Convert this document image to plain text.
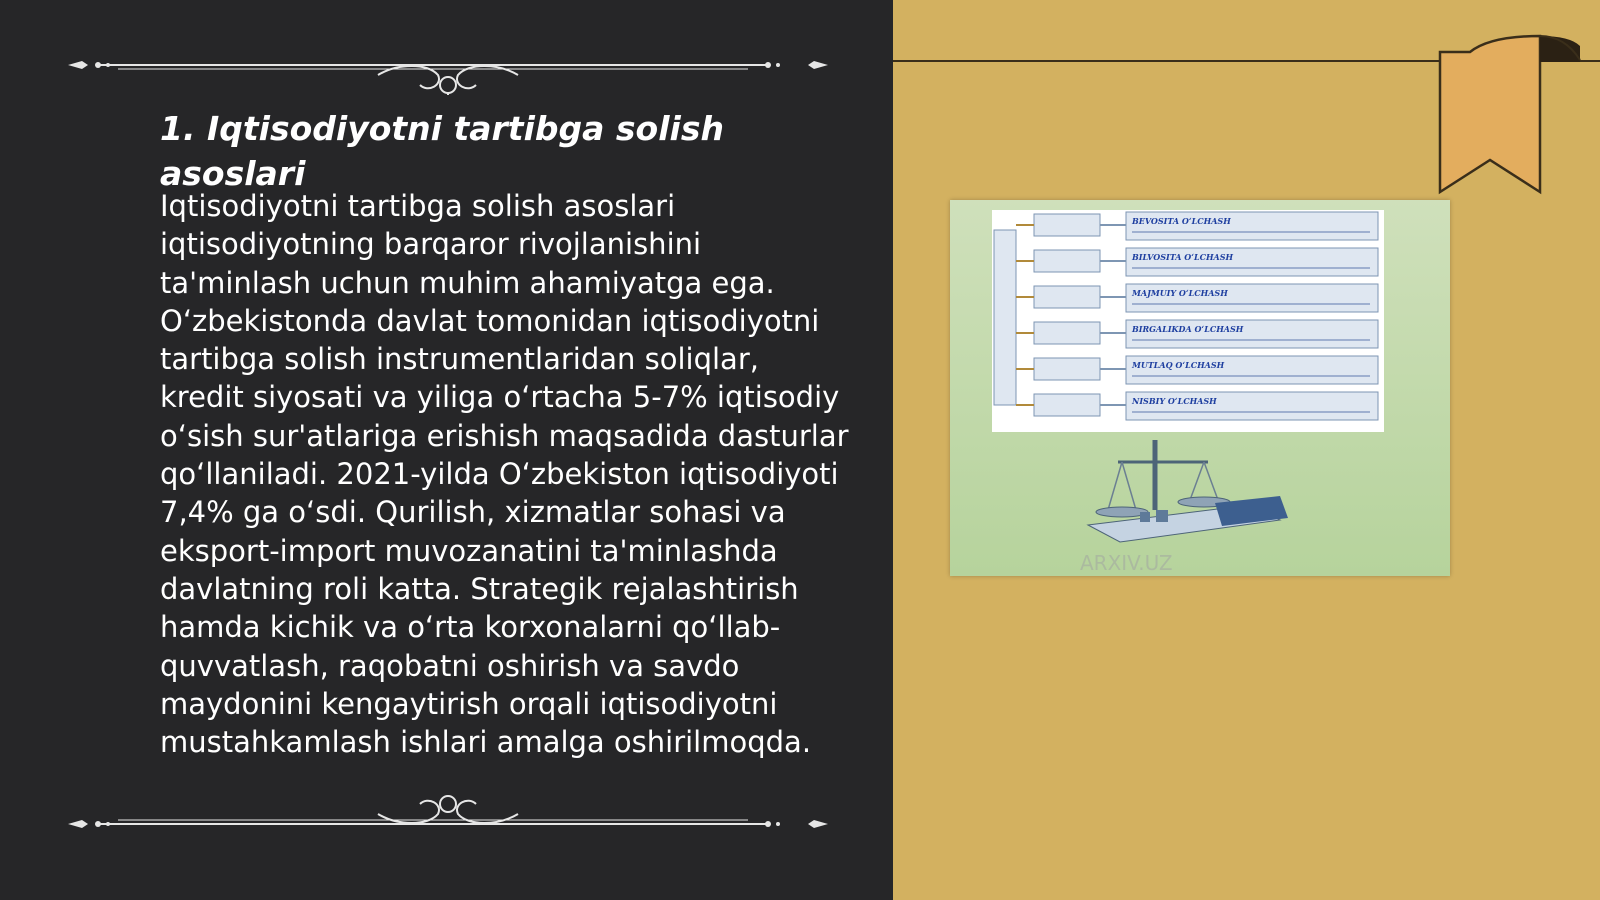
1. Iqtisodiyotni tartibga solish asoslari

Iqtisodiyotni tartibga solish asoslari iqtisodiyotning barqaror rivojlanishini ta'minlash uchun muhim ahamiyatga ega. O‘zbekistonda davlat tomonidan iqtisodiyotni tartibga solish instrumentlaridan soliqlar, kredit siyosati va yiliga o‘rtacha 5-7% iqtisodiy o‘sish sur'atlariga erishish maqsadida dasturlar qo‘llaniladi. 2021-yilda O‘zbekiston iqtisodiyoti 7,4% ga o‘sdi. Qurilish, xizmatlar sohasi va eksport-import muvozanatini ta'minlashda davlatning roli katta. Strategik rejalashtirish hamda kichik va o‘rta korxonalarni qo‘llab-quvvatlash, raqobatni oshirish va savdo maydonini kengaytirish orqali iqtisodiyotni mustahkamlash ishlari amalga oshirilmoqda.

BEVOSITA O‘LCHASH
BILVOSITA O‘LCHASH
MAJMUIY O‘LCHASH
BIRGALIKDA O‘LCHASH
MUTLAQ O‘LCHASH
NISBIY O‘LCHASH
ARXIV.UZ
